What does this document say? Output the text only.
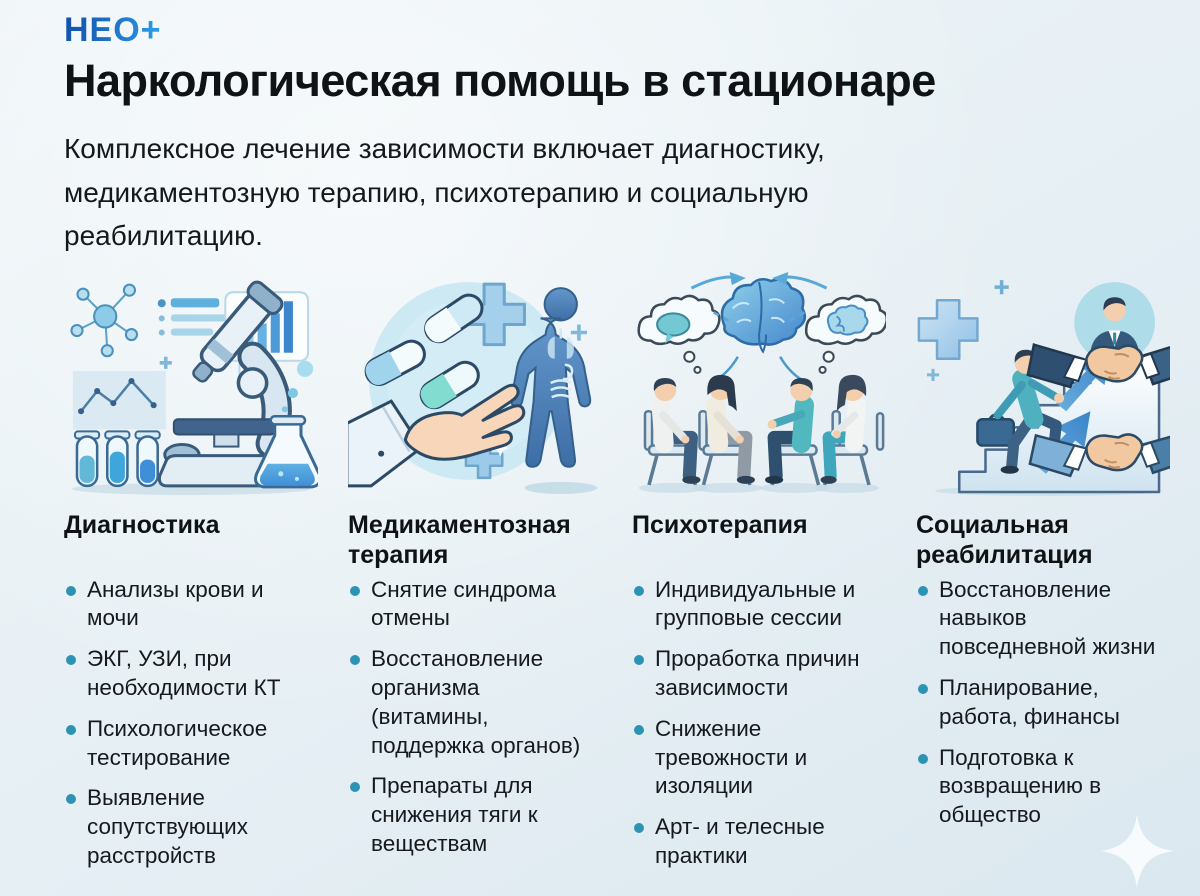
НЕО+
Наркологическая помощь в стационаре

Комплексное лечение зависимости включает диагностику, медикаментозную терапию, психотерапию и социальную реабилитацию.

Диагностика
Анализы крови и мочи
ЭКГ, УЗИ, при необходимости КТ
Психологическое тестирование
Выявление сопутствующих расстройств
Медикаментозная терапия
Снятие синдрома отмены
Восстановление организма (витамины, поддержка органов)
Препараты для снижения тяги к веществам
Психотерапия
Индивидуальные и групповые сессии
Проработка причин зависимости
Снижение тревожности и изоляции
Арт- и телесные практики
Социальная реабилитация
Восстановление навыков повседневной жизни
Планирование, работа, финансы
Подготовка к возвращению в общество
